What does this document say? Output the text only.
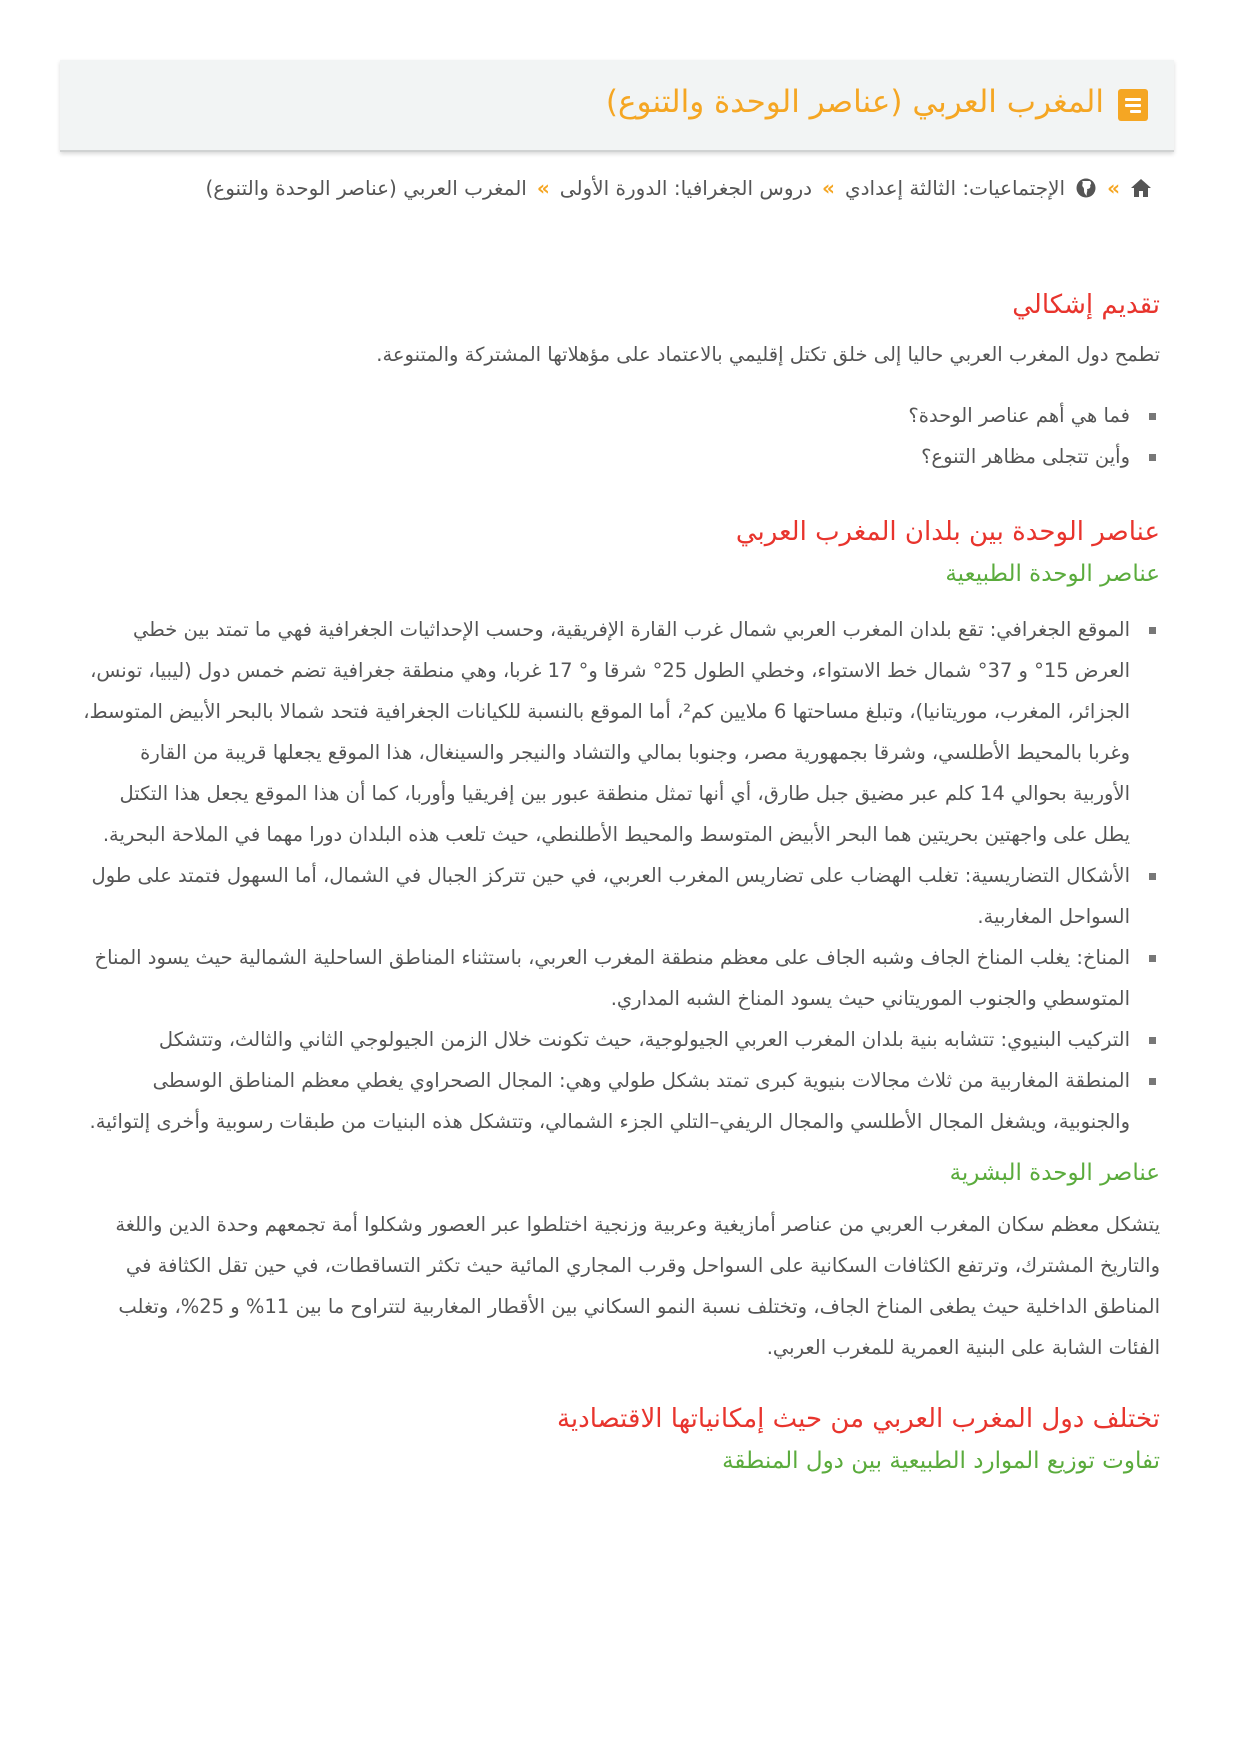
المغرب العربي (عناصر الوحدة والتنوع)
»
الإجتماعيات: الثالثة إعدادي
»
دروس الجغرافيا: الدورة الأولى
»
المغرب العربي (عناصر الوحدة والتنوع)
تقديم إشكالي

تطمح دول المغرب العربي حاليا إلى خلق تكتل إقليمي بالاعتماد على مؤهلاتها المشتركة والمتنوعة.

فما هي أهم عناصر الوحدة؟
وأين تتجلى مظاهر التنوع؟
عناصر الوحدة بين بلدان المغرب العربي
عناصر الوحدة الطبيعية
الموقع الجغرافي: تقع بلدان المغرب العربي شمال غرب القارة الإفريقية، وحسب الإحداثيات الجغرافية فهي ما تمتد بين خطي العرض 15° و 37° شمال خط الاستواء، وخطي الطول 25° شرقا و° 17 غربا، وهي منطقة جغرافية تضم خمس دول (ليبيا، تونس، الجزائر، المغرب، موريتانيا)، وتبلغ مساحتها 6 ملايين كم²، أما الموقع بالنسبة للكيانات الجغرافية فتحد شمالا بالبحر الأبيض المتوسط، وغربا بالمحيط الأطلسي، وشرقا بجمهورية مصر، وجنوبا بمالي والتشاد والنيجر والسينغال، هذا الموقع يجعلها قريبة من القارة الأوربية بحوالي 14 كلم عبر مضيق جبل طارق، أي أنها تمثل منطقة عبور بين إفريقيا وأوربا، كما أن هذا الموقع يجعل هذا التكتل يطل على واجهتين بحريتين هما البحر الأبيض المتوسط والمحيط الأطلنطي، حيث تلعب هذه البلدان دورا مهما في الملاحة البحرية.
الأشكال التضاريسية: تغلب الهضاب على تضاريس المغرب العربي، في حين تتركز الجبال في الشمال، أما السهول فتمتد على طول السواحل المغاربية.
المناخ: يغلب المناخ الجاف وشبه الجاف على معظم منطقة المغرب العربي، باستثناء المناطق الساحلية الشمالية حيث يسود المناخ المتوسطي والجنوب الموريتاني حيث يسود المناخ الشبه المداري.
التركيب البنيوي: تتشابه بنية بلدان المغرب العربي الجيولوجية، حيث تكونت خلال الزمن الجيولوجي الثاني والثالث، وتتشكل
المنطقة المغاربية من ثلاث مجالات بنيوية كبرى تمتد بشكل طولي وهي: المجال الصحراوي يغطي معظم المناطق الوسطى والجنوبية، ويشغل المجال الأطلسي والمجال الريفي–التلي الجزء الشمالي، وتتشكل هذه البنيات من طبقات رسوبية وأخرى إلتوائية.
عناصر الوحدة البشرية

يتشكل معظم سكان المغرب العربي من عناصر أمازيغية وعربية وزنجية اختلطوا عبر العصور وشكلوا أمة تجمعهم وحدة الدين واللغة والتاريخ المشترك، وترتفع الكثافات السكانية على السواحل وقرب المجاري المائية حيث تكثر التساقطات، في حين تقل الكثافة في المناطق الداخلية حيث يطغى المناخ الجاف، وتختلف نسبة النمو السكاني بين الأقطار المغاربية لتتراوح ما بين 11% و 25%، وتغلب الفئات الشابة على البنية العمرية للمغرب العربي.

تختلف دول المغرب العربي من حيث إمكانياتها الاقتصادية
تفاوت توزيع الموارد الطبيعية بين دول المنطقة
